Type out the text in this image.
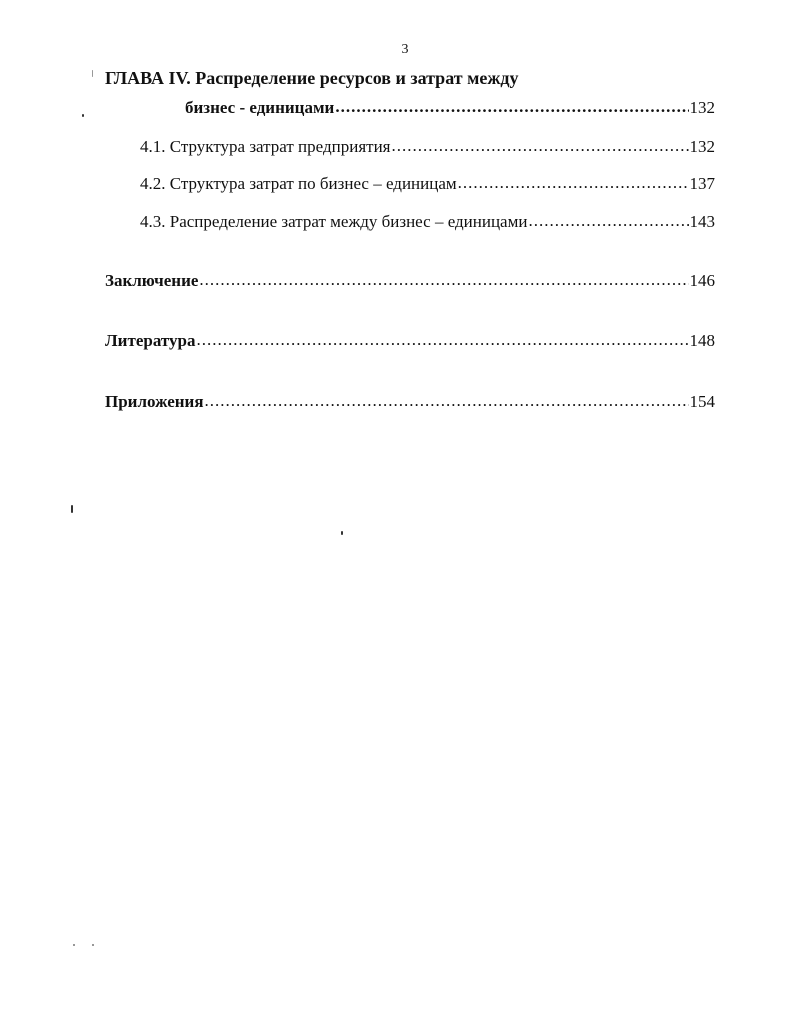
3
ГЛАВА IV. Распределение ресурсов и затрат между
бизнес - единицами .....	132
4.1. Структура затрат предприятия .....	132
4.2. Структура затрат по бизнес – единицам .....	137
4.3. Распределение затрат между бизнес – единицами .....	143
Заключение .....	146
Литература .....	148
Приложения .....	154
